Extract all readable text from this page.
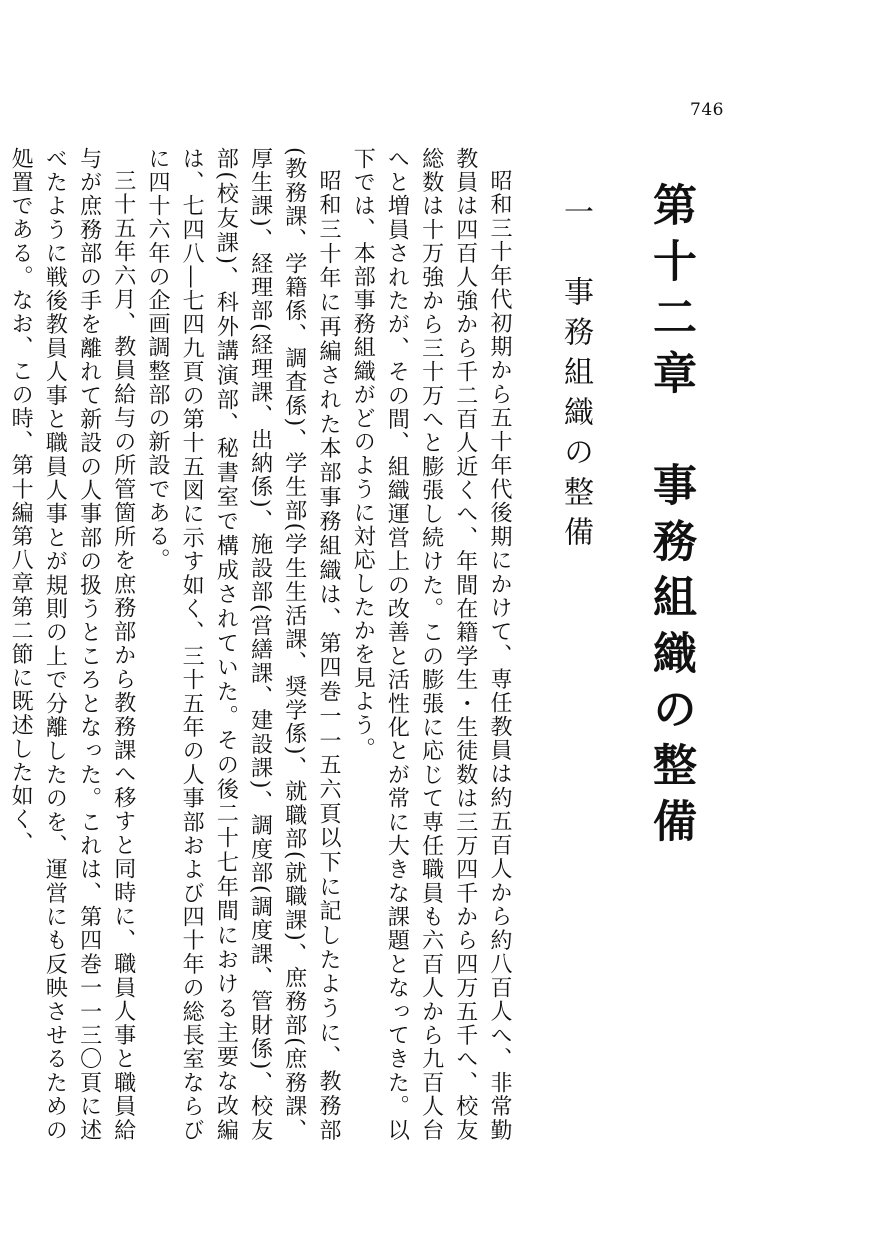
746
第十二章　事務組織の整備
一　事務組織の整備

昭和三十年代初期から五十年代後期にかけて、専任教員は約五百人から約八百人へ、非常勤教員は四百人強から千二百人近くへ、年間在籍学生・生徒数は三万四千から四万五千へ、校友総数は十万強から三十万へと膨張し続けた。この膨張に応じて専任職員も六百人から九百人台へと増員されたが、その間、組織運営上の改善と活性化とが常に大きな課題となってきた。以下では、本部事務組織がどのように対応したかを見よう。

昭和三十年に再編された本部事務組織は、第四巻一一五六頁以下に記したように、教務部(教務課、学籍係、調査係)、学生部(学生生活課、奨学係)、就職部(就職課)、庶務部(庶務課、厚生課)、経理部(経理課、出納係)、施設部(営繕課、建設課)、調度部(調度課、管財係)、校友部(校友課)、科外講演部、秘書室で構成されていた。その後二十七年間における主要な改編は、七四八―七四九頁の第十五図に示す如く、三十五年の人事部および四十年の総長室ならびに四十六年の企画調整部の新設である。

三十五年六月、教員給与の所管箇所を庶務部から教務課へ移すと同時に、職員人事と職員給与が庶務部の手を離れて新設の人事部の扱うところとなった。これは、第四巻一一三〇頁に述べたように戦後教員人事と職員人事とが規則の上で分離したのを、運営にも反映させるための処置である。なお、この時、第十編第八章第二節に既述した如く、
